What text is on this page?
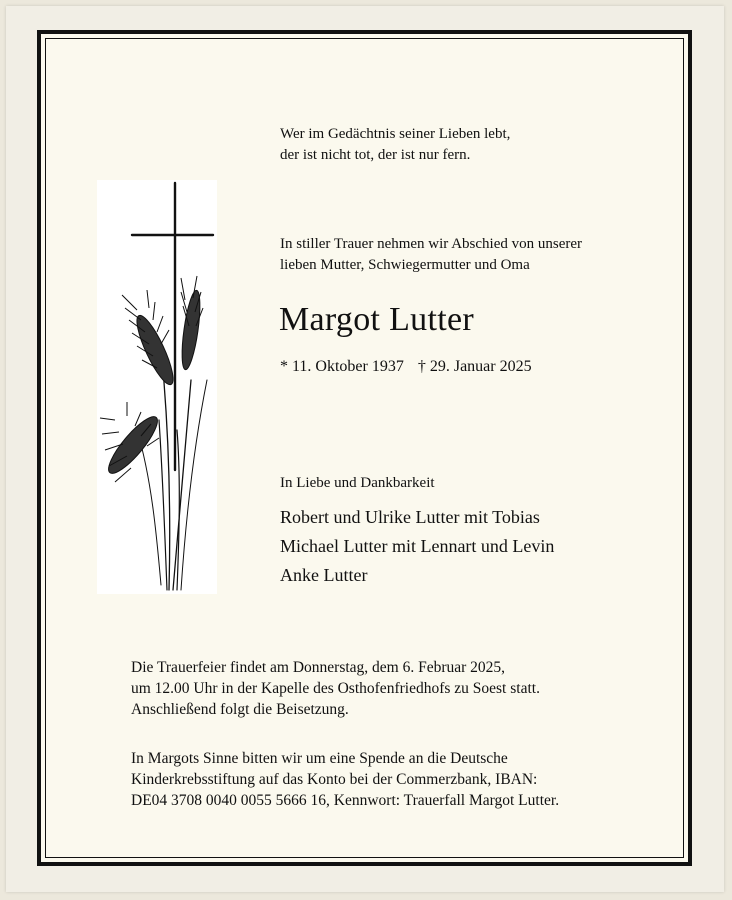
Wer im Gedächtnis seiner Lieben lebt,
der ist nicht tot, der ist nur fern.
In stiller Trauer nehmen wir Abschied von unserer
lieben Mutter, Schwiegermutter und Oma
Margot Lutter
* 11. Oktober 1937 † 29. Januar 2025
In Liebe und Dankbarkeit
Robert und Ulrike Lutter mit Tobias
Michael Lutter mit Lennart und Levin
Anke Lutter
Die Trauerfeier findet am Donnerstag, dem 6. Februar 2025,
um 12.00 Uhr in der Kapelle des Osthofenfriedhofs zu Soest statt.
Anschließend folgt die Beisetzung.
In Margots Sinne bitten wir um eine Spende an die Deutsche
Kinderkrebsstiftung auf das Konto bei der Commerzbank, IBAN:
DE04 3708 0040 0055 5666 16, Kennwort: Trauerfall Margot Lutter.
